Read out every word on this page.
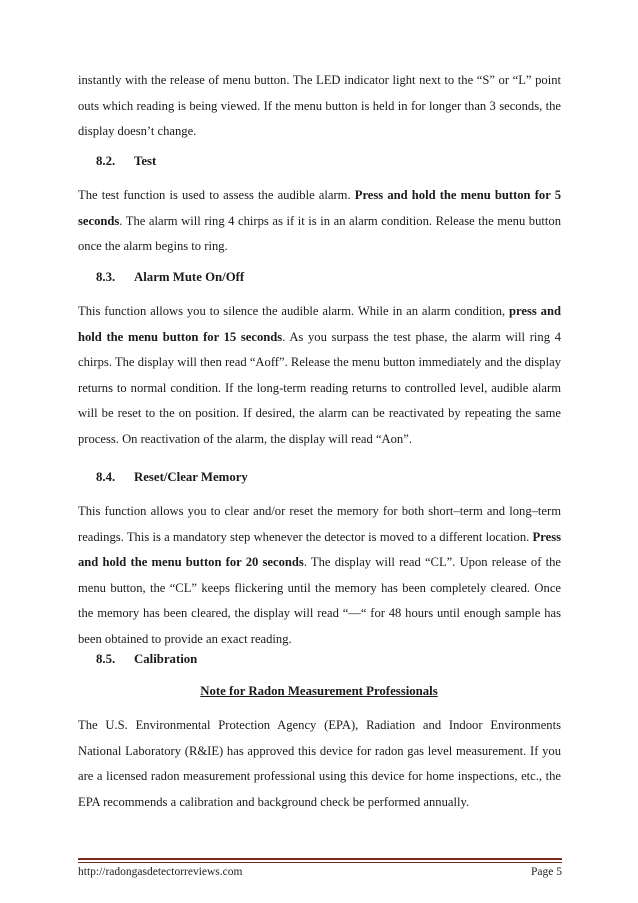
instantly with the release of menu button. The LED indicator light next to the “S” or “L” point outs which reading is being viewed. If the menu button is held in for longer than 3 seconds, the display doesn’t change.

8.2. Test

The test function is used to assess the audible alarm. Press and hold the menu button for 5 seconds. The alarm will ring 4 chirps as if it is in an alarm condition. Release the menu button once the alarm begins to ring.

8.3. Alarm Mute On/Off

This function allows you to silence the audible alarm. While in an alarm condition, press and hold the menu button for 15 seconds. As you surpass the test phase, the alarm will ring 4 chirps. The display will then read “Aoff”. Release the menu button immediately and the display returns to normal condition. If the long-term reading returns to controlled level, audible alarm will be reset to the on position. If desired, the alarm can be reactivated by repeating the same process. On reactivation of the alarm, the display will read “Aon”.

8.4. Reset/Clear Memory

This function allows you to clear and/or reset the memory for both short–term and long–term readings. This is a mandatory step whenever the detector is moved to a different location. Press and hold the menu button for 20 seconds. The display will read “CL”. Upon release of the menu button, the “CL” keeps flickering until the memory has been completely cleared. Once the memory has been cleared, the display will read “—“ for 48 hours until enough sample has been obtained to provide an exact reading.

8.5. Calibration
Note for Radon Measurement Professionals

The U.S. Environmental Protection Agency (EPA), Radiation and Indoor Environments National Laboratory (R&IE) has approved this device for radon gas level measurement. If you are a licensed radon measurement professional using this device for home inspections, etc., the EPA recommends a calibration and background check be performed annually.

http://radongasdetectorreviews.com	Page 5
